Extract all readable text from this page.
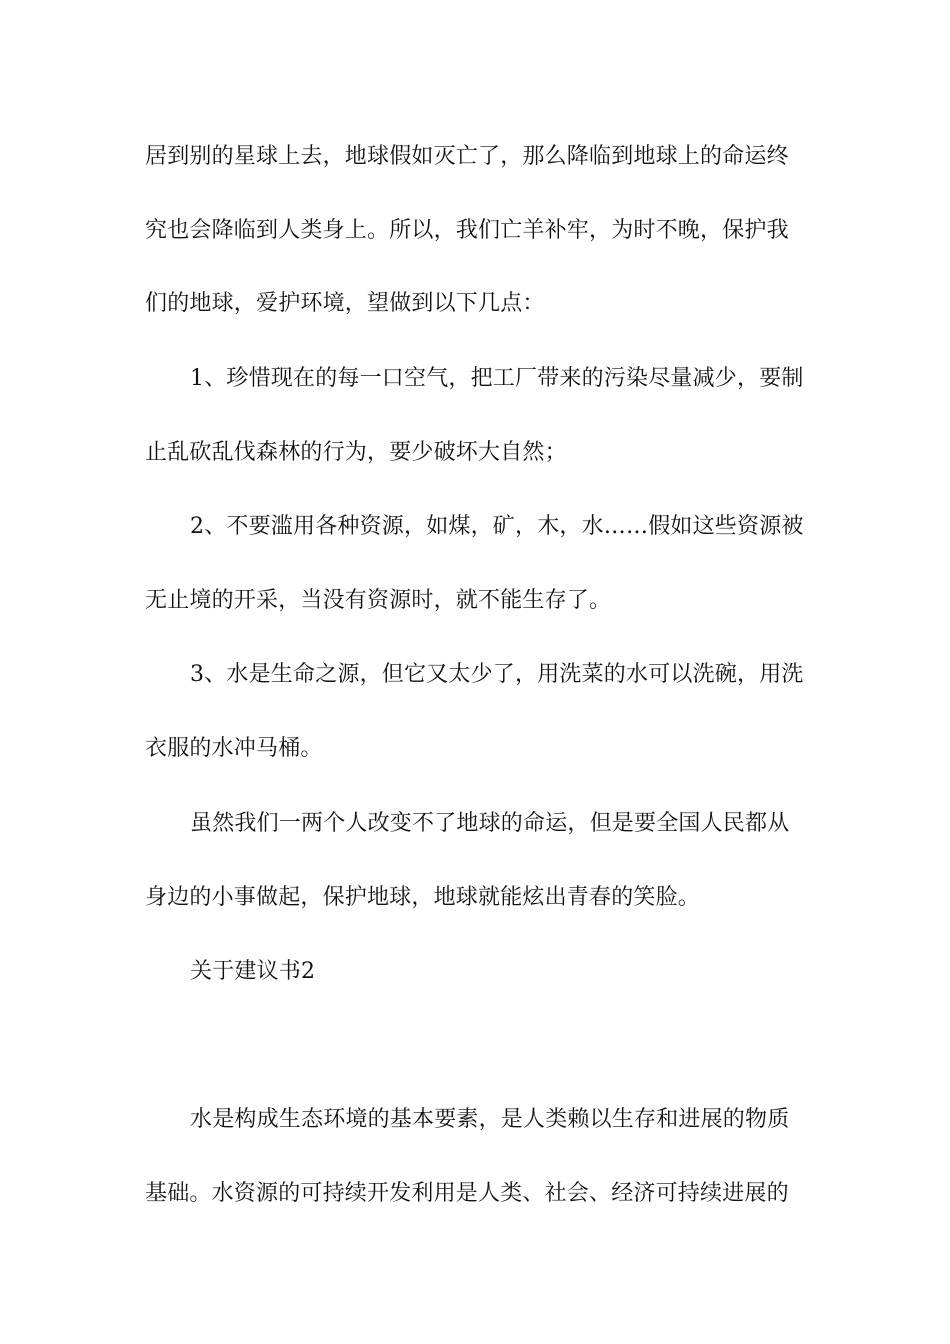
居到别的星球上去，地球假如灭亡了，那么降临到地球上的命运终
究也会降临到人类身上。所以，我们亡羊补牢，为时不晚，保护我
们的地球，爱护环境，望做到以下几点：
1、珍惜现在的每一口空气，把工厂带来的污染尽量减少，要制
止乱砍乱伐森林的行为，要少破坏大自然；
2、不要滥用各种资源，如煤，矿，木，水……假如这些资源被
无止境的开采，当没有资源时，就不能生存了。
3、水是生命之源，但它又太少了，用洗菜的水可以洗碗，用洗
衣服的水冲马桶。
虽然我们一两个人改变不了地球的命运，但是要全国人民都从
身边的小事做起，保护地球，地球就能炫出青春的笑脸。
关于建议书2
水是构成生态环境的基本要素，是人类赖以生存和进展的物质
基础。水资源的可持续开发利用是人类、社会、经济可持续进展的
